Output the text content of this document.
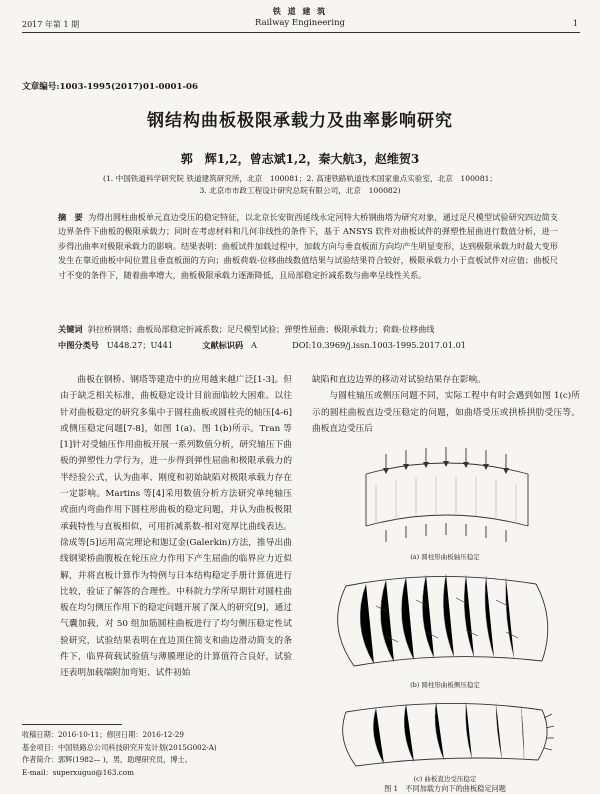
铁 道 建 筑
Railway Engineering
2017 年第 1 期	1
文章编号:1003-1995(2017)01-0001-06
钢结构曲板极限承载力及曲率影响研究
郭　辉1,2，曾志斌1,2，秦大航3，赵维贺3
(1. 中国铁道科学研究院 铁道建筑研究所，北京　100081；2. 高速铁路轨道技术国家重点实验室，北京　100081；
3. 北京市市政工程设计研究总院有限公司，北京　100082)
摘　要 为得出圆柱曲板单元直边受压的稳定特征，以北京长安街西延线永定河特大桥钢曲塔为研究对象，通过足尺模型试验研究四边简支边界条件下曲板的极限承载力；同时在考虑材料和几何非线性的条件下，基于 ANSYS 软件对曲板试件的弹塑性屈曲进行数值分析，进一步得出曲率对极限承载力的影响。结果表明：曲板试件加载过程中，加载方向与垂直板面方向均产生明显变形，达到极限承载力时最大变形发生在靠近曲板中间位置且垂直板面的方向；曲板荷载-位移曲线数值结果与试验结果符合较好，极限承载力小于直板试件对应值；曲板尺寸不变的条件下，随着曲率增大，曲板极限承载力逐渐降低，且局部稳定折减系数与曲率呈线性关系。
关键词 斜拉桥钢塔；曲板局部稳定折减系数；足尺模型试验；弹塑性屈曲；极限承载力；荷载-位移曲线
中图分类号 U448.27；U441	文献标识码 A	DOI:10.3969/j.issn.1003-1995.2017.01.01

曲板在钢桥、钢塔等建造中的应用越来越广泛[1-3]。但由于缺乏相关标准，曲板稳定设计目前面临较大困难。以往针对曲板稳定的研究多集中于圆柱曲板或圆柱壳的轴压[4-6]或侧压稳定问题[7-8]，如图 1(a)、图 1(b)所示。Tran 等[1]针对受轴压作用曲板开展一系列数值分析，研究轴压下曲板的弹塑性力学行为，进一步得到弹性屈曲和极限承载力的半经验公式，认为曲率、刚度和初始缺陷对极限承载力存在一定影响。Martins 等[4]采用数值分析方法研究单纯轴压或面内弯曲作用下圆柱形曲板的稳定问题，并认为曲板极限承载特性与直板相似，可用折减系数-相对宽厚比曲线表达。徐成等[5]运用高完理论和迦辽金(Galerkin)方法，推导出曲线钢梁桥曲腹板在轮压应力作用下产生屈曲的临界应力近似解，并将直板计算作为特例与日本结构稳定手册计算值进行比较，验证了解答的合理性。中科院力学所早期针对圆柱曲板在均匀侧压作用下的稳定问题开展了深入的研究[9]，通过气囊加载，对 50 组加筋圆柱曲板进行了均匀侧压稳定性试验研究，试验结果表明在直边顶住简支和曲边滑动简支的条件下，临界荷载试验值与薄膜理论的计算值符合良好，试验还表明加载端附加弯矩、试件初始

缺陷和直边边界的移动对试验结果存在影响。

与圆柱轴压或侧压问题不同，实际工程中有时会遇到如图 1(c)所示的圆柱曲板直边受压稳定的问题，如曲塔受压或拱桥拱肋受压等。曲板直边受压后

(a) 圆柱形曲板轴压稳定
(b) 圆柱形曲板侧压稳定
(c) 曲板直边受压稳定
图 1　不同加载方向下的曲板稳定问题
收稿日期：2016-10-11；修回日期：2016-12-29
基金项目：中国铁路总公司科技研究开发计划(2015G002-A)
作者简介：郭辉(1982— )，男，助理研究员，博士。
E-mail：superxuguo@163.com
